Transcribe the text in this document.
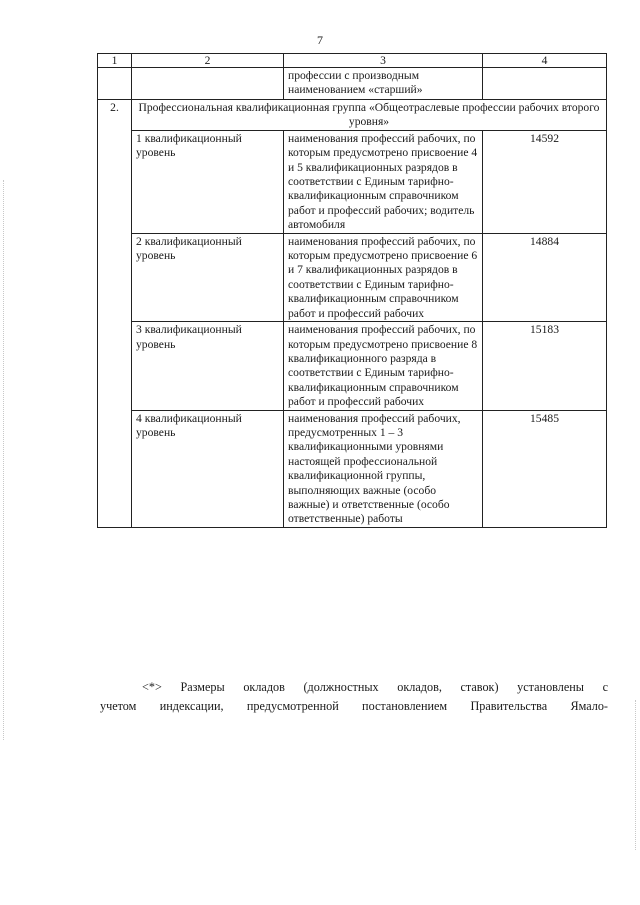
7
1	2	3	4
		профессии с производным наименованием «старший»	
2.	Профессиональная квалификационная группа «Общеотраслевые профессии рабочих второго уровня»		
	1 квалификационный уровень	наименования профессий рабочих, по которым предусмотрено присвоение 4 и 5 квалификационных разрядов в соответствии с Единым тарифно-квалификационным справочником работ и профессий рабочих; водитель автомобиля	14592
	2 квалификационный уровень	наименования профессий рабочих, по которым предусмотрено присвоение 6 и 7 квалификационных разрядов в соответствии с Единым тарифно-квалификационным справочником работ и профессий рабочих	14884
	3 квалификационный уровень	наименования профессий рабочих, по которым предусмотрено присвоение 8 квалификационного разряда в соответствии с Единым тарифно-квалификационным справочником работ и профессий рабочих	15183
	4 квалификационный уровень	наименования профессий рабочих, предусмотренных 1 – 3 квалификационными уровнями настоящей профессиональной квалификационной группы, выполняющих важные (особо важные) и ответственные (особо ответственные) работы	15485
<*> Размеры окладов (должностных окладов, ставок) установлены с
учетом индексации, предусмотренной постановлением Правительства Ямало-
